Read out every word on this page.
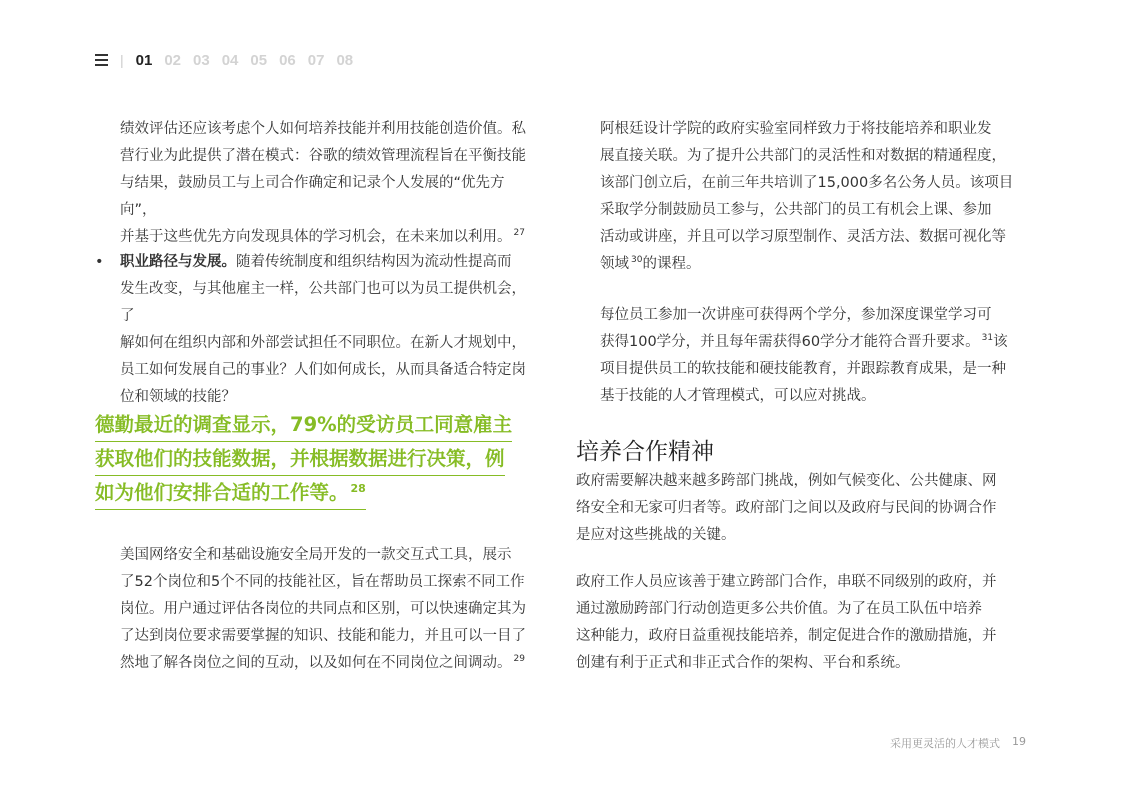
| 01 02 03 04 05 06 07 08

绩效评估还应该考虑个人如何培养技能并利用技能创造价值。私

营行业为此提供了潜在模式：谷歌的绩效管理流程旨在平衡技能

与结果，鼓励员工与上司合作确定和记录个人发展的“优先方向”，

并基于这些优先方向发现具体的学习机会，在未来加以利用。 $^{27}$

•	职业路径与发展。随着传统制度和组织结构因为流动性提高而

发生改变，与其他雇主一样，公共部门也可以为员工提供机会，了

解如何在组织内部和外部尝试担任不同职位。在新人才规划中，

员工如何发展自己的事业？人们如何成长，从而具备适合特定岗

位和领域的技能？

德勤最近的调查显示，79%的受访员工同意雇主
获取他们的技能数据，并根据数据进行决策，例
如为他们安排合适的工作等。 $^{28}$

美国网络安全和基础设施安全局开发的一款交互式工具，展示

了52个岗位和5个不同的技能社区，旨在帮助员工探索不同工作

岗位。用户通过评估各岗位的共同点和区别，可以快速确定其为

了达到岗位要求需要掌握的知识、技能和能力，并且可以一目了

然地了解各岗位之间的互动，以及如何在不同岗位之间调动。 $^{29}$

阿根廷设计学院的政府实验室同样致力于将技能培养和职业发

展直接关联。为了提升公共部门的灵活性和对数据的精通程度，

该部门创立后，在前三年共培训了15,000多名公务人员。该项目

采取学分制鼓励员工参与，公共部门的员工有机会上课、参加

活动或讲座，并且可以学习原型制作、灵活方法、数据可视化等

领域 $^{30}$的课程。

每位员工参加一次讲座可获得两个学分，参加深度课堂学习可

获得100学分，并且每年需获得60学分才能符合晋升要求。 $^{31}$该

项目提供员工的软技能和硬技能教育，并跟踪教育成果，是一种

基于技能的人才管理模式，可以应对挑战。

培养合作精神

政府需要解决越来越多跨部门挑战，例如气候变化、公共健康、网

络安全和无家可归者等。政府部门之间以及政府与民间的协调合作

是应对这些挑战的关键。

政府工作人员应该善于建立跨部门合作，串联不同级别的政府，并

通过激励跨部门行动创造更多公共价值。为了在员工队伍中培养

这种能力，政府日益重视技能培养，制定促进合作的激励措施，并

创建有利于正式和非正式合作的架构、平台和系统。

采用更灵活的人才模式 19
